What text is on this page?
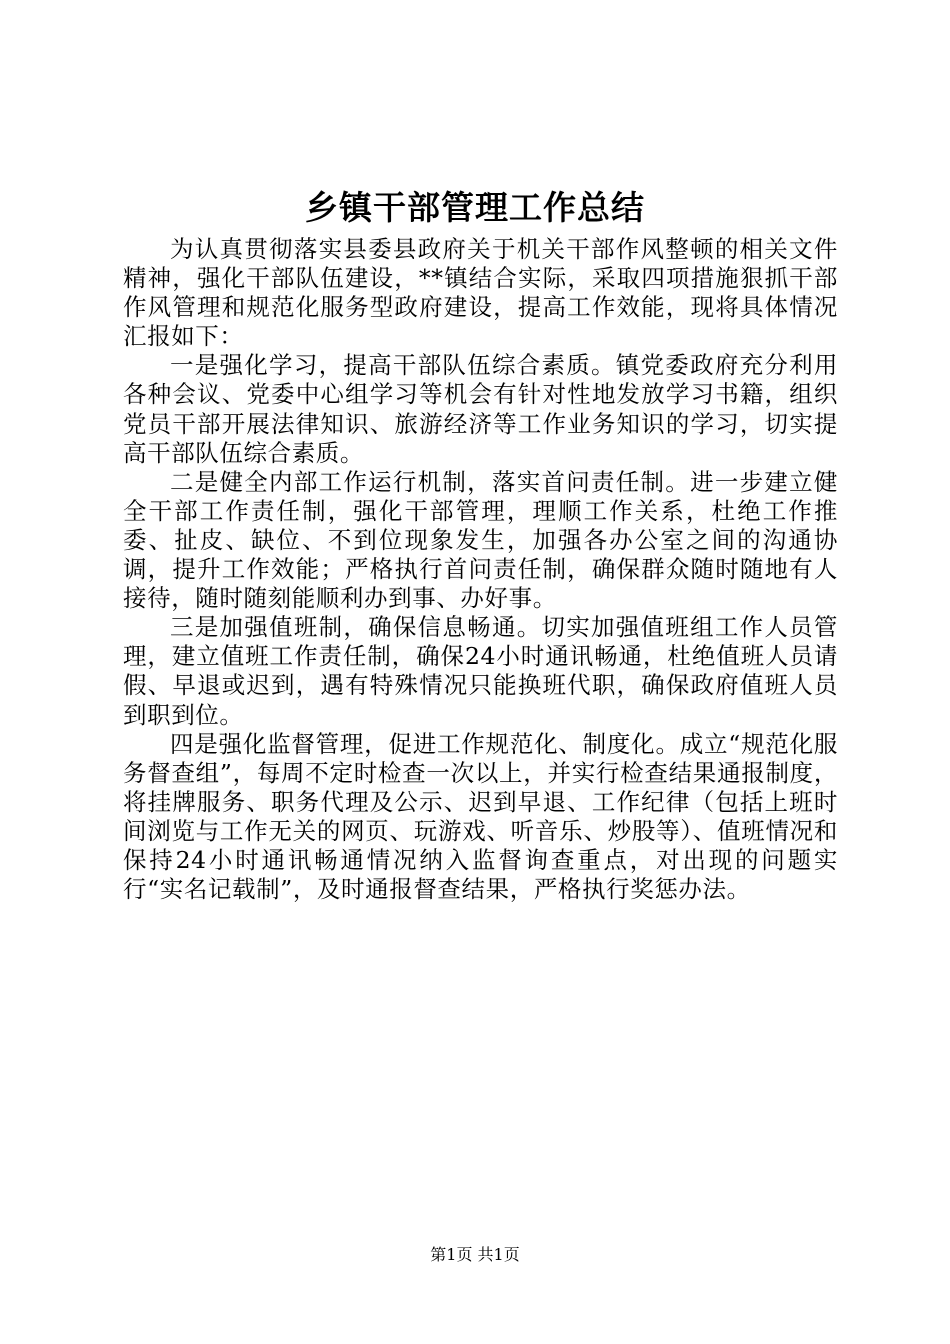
乡镇干部管理工作总结

为认真贯彻落实县委县政府关于机关干部作风整顿的相关文件精神，强化干部队伍建设，**镇结合实际，采取四项措施狠抓干部作风管理和规范化服务型政府建设，提高工作效能，现将具体情况汇报如下：

一是强化学习，提高干部队伍综合素质。镇党委政府充分利用各种会议、党委中心组学习等机会有针对性地发放学习书籍，组织党员干部开展法律知识、旅游经济等工作业务知识的学习，切实提高干部队伍综合素质。

二是健全内部工作运行机制，落实首问责任制。进一步建立健全干部工作责任制，强化干部管理，理顺工作关系，杜绝工作推委、扯皮、缺位、不到位现象发生，加强各办公室之间的沟通协调，提升工作效能；严格执行首问责任制，确保群众随时随地有人接待，随时随刻能顺利办到事、办好事。

三是加强值班制，确保信息畅通。切实加强值班组工作人员管理，建立值班工作责任制，确保24小时通讯畅通，杜绝值班人员请假、早退或迟到，遇有特殊情况只能换班代职，确保政府值班人员到职到位。

四是强化监督管理，促进工作规范化、制度化。成立“规范化服务督查组”，每周不定时检查一次以上，并实行检查结果通报制度，将挂牌服务、职务代理及公示、迟到早退、工作纪律（包括上班时间浏览与工作无关的网页、玩游戏、听音乐、炒股等）、值班情况和保持24小时通讯畅通情况纳入监督询查重点，对出现的问题实行“实名记载制”，及时通报督查结果，严格执行奖惩办法。

第1页 共1页
